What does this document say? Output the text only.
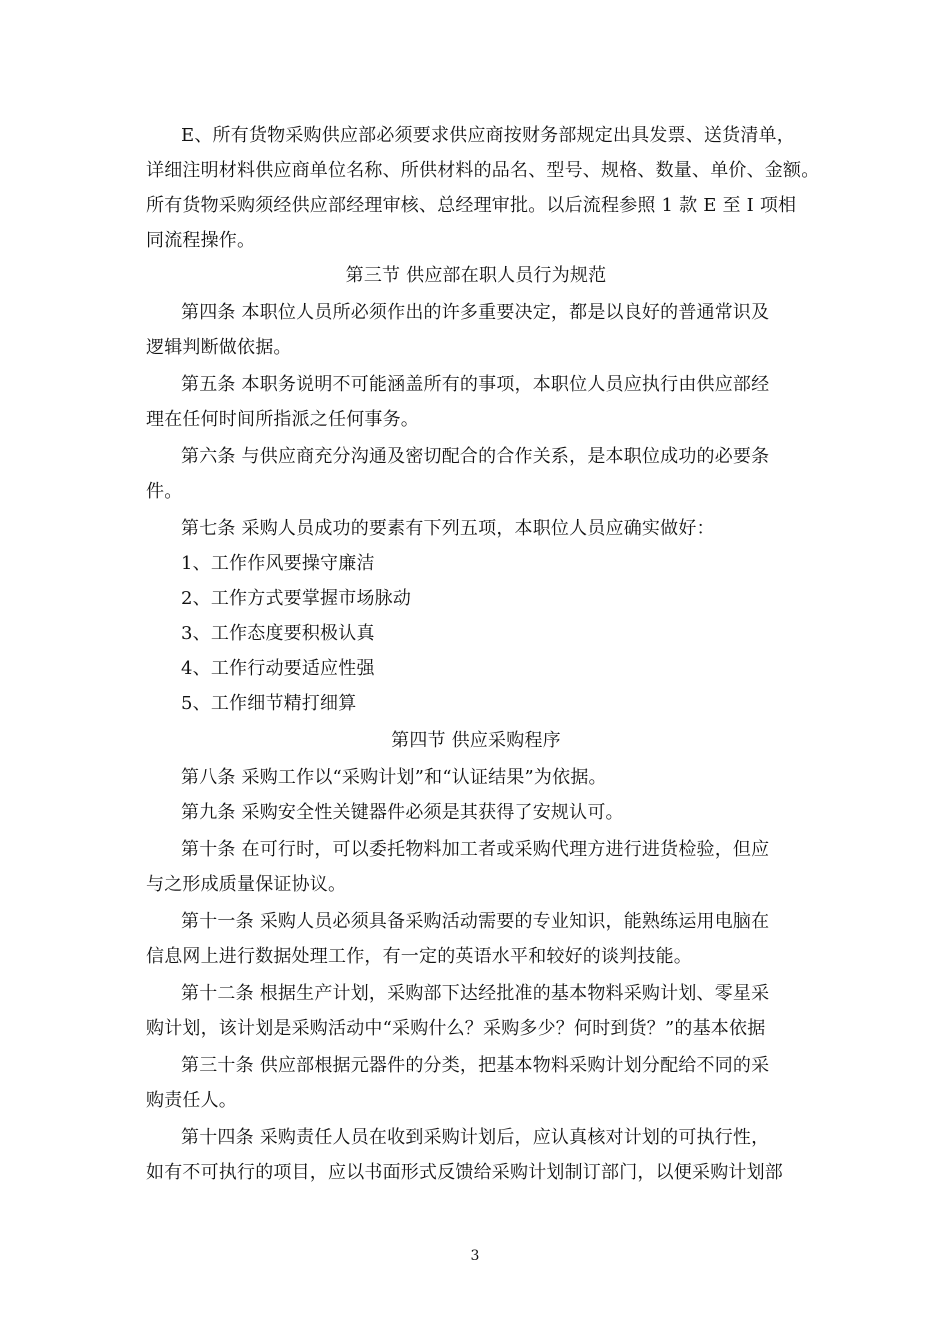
E、所有货物采购供应部必须要求供应商按财务部规定出具发票、送货清单，
详细注明材料供应商单位名称、所供材料的品名、型号、规格、数量、单价、金额。
所有货物采购须经供应部经理审核、总经理审批。以后流程参照 1 款 E 至 I 项相
同流程操作。
第三节 供应部在职人员行为规范
第四条 本职位人员所必须作出的许多重要决定，都是以良好的普通常识及
逻辑判断做依据。
第五条 本职务说明不可能涵盖所有的事项，本职位人员应执行由供应部经
理在任何时间所指派之任何事务。
第六条 与供应商充分沟通及密切配合的合作关系，是本职位成功的必要条
件。
第七条 采购人员成功的要素有下列五项，本职位人员应确实做好：
1、工作作风要操守廉洁
2、工作方式要掌握市场脉动
3、工作态度要积极认真
4、工作行动要适应性强
5、工作细节精打细算
第四节 供应采购程序
第八条 采购工作以“采购计划”和“认证结果”为依据。
第九条 采购安全性关键器件必须是其获得了安规认可。
第十条 在可行时，可以委托物料加工者或采购代理方进行进货检验，但应
与之形成质量保证协议。
第十一条 采购人员必须具备采购活动需要的专业知识，能熟练运用电脑在
信息网上进行数据处理工作，有一定的英语水平和较好的谈判技能。
第十二条 根据生产计划，采购部下达经批准的基本物料采购计划、零星采
购计划，该计划是采购活动中“采购什么？采购多少？何时到货？”的基本依据
第三十条 供应部根据元器件的分类，把基本物料采购计划分配给不同的采
购责任人。
第十四条 采购责任人员在收到采购计划后，应认真核对计划的可执行性，
如有不可执行的项目，应以书面形式反馈给采购计划制订部门，以便采购计划部
3
